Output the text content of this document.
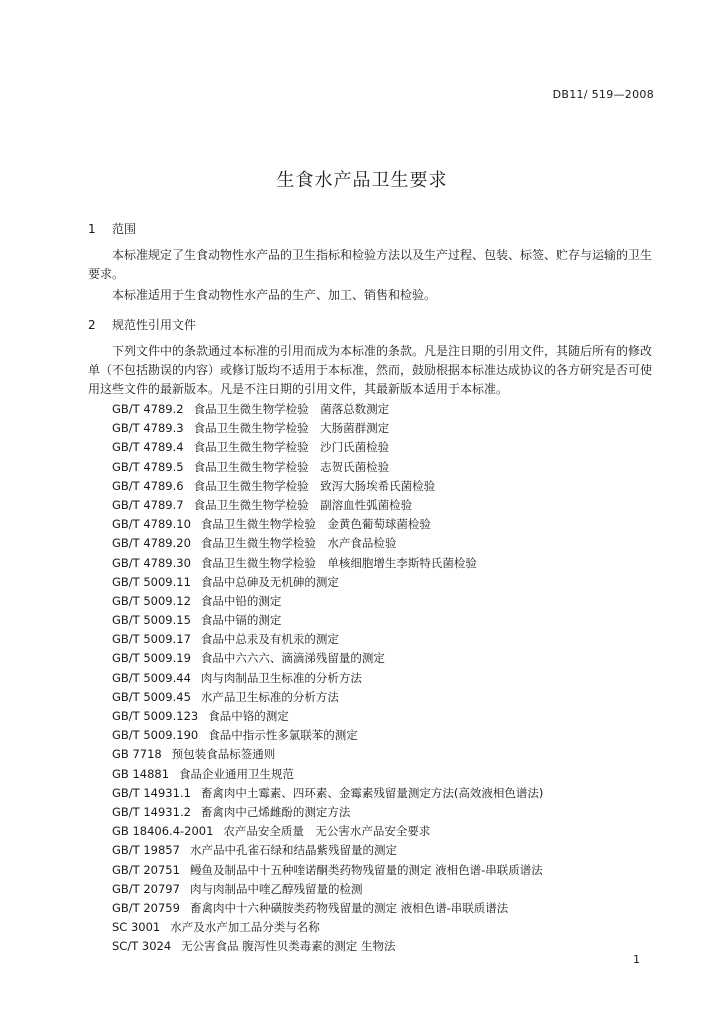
DB11/ 519—2008
生食水产品卫生要求
1 范围
本标准规定了生食动物性水产品的卫生指标和检验方法以及生产过程、包装、标签、贮存与运输的卫生要求。
本标准适用于生食动物性水产品的生产、加工、销售和检验。
2 规范性引用文件
下列文件中的条款通过本标准的引用而成为本标准的条款。凡是注日期的引用文件，其随后所有的修改单（不包括勘误的内容）或修订版均不适用于本标准，然而，鼓励根据本标准达成协议的各方研究是否可使用这些文件的最新版本。凡是不注日期的引用文件，其最新版本适用于本标准。
GB/T 4789.2 食品卫生微生物学检验　菌落总数测定
GB/T 4789.3 食品卫生微生物学检验　大肠菌群测定
GB/T 4789.4 食品卫生微生物学检验　沙门氏菌检验
GB/T 4789.5 食品卫生微生物学检验　志贺氏菌检验
GB/T 4789.6 食品卫生微生物学检验　致泻大肠埃希氏菌检验
GB/T 4789.7 食品卫生微生物学检验　副溶血性弧菌检验
GB/T 4789.10 食品卫生微生物学检验　金黄色葡萄球菌检验
GB/T 4789.20 食品卫生微生物学检验　水产食品检验
GB/T 4789.30 食品卫生微生物学检验　单核细胞增生李斯特氏菌检验
GB/T 5009.11 食品中总砷及无机砷的测定
GB/T 5009.12 食品中铅的测定
GB/T 5009.15 食品中镉的测定
GB/T 5009.17 食品中总汞及有机汞的测定
GB/T 5009.19 食品中六六六、滴滴涕残留量的测定
GB/T 5009.44 肉与肉制品卫生标准的分析方法
GB/T 5009.45 水产品卫生标准的分析方法
GB/T 5009.123 食品中铬的测定
GB/T 5009.190 食品中指示性多氯联苯的测定
GB 7718 预包装食品标签通则
GB 14881 食品企业通用卫生规范
GB/T 14931.1 畜禽肉中土霉素、四环素、金霉素残留量测定方法(高效液相色谱法)
GB/T 14931.2 畜禽肉中己烯雌酚的测定方法
GB 18406.4-2001 农产品安全质量　无公害水产品安全要求
GB/T 19857 水产品中孔雀石绿和结晶紫残留量的测定
GB/T 20751 鳗鱼及制品中十五种喹诺酮类药物残留量的测定 液相色谱-串联质谱法
GB/T 20797 肉与肉制品中喹乙醇残留量的检测
GB/T 20759 畜禽肉中十六种磺胺类药物残留量的测定 液相色谱-串联质谱法
SC 3001 水产及水产加工品分类与名称
SC/T 3024 无公害食品 腹泻性贝类毒素的测定 生物法
1
